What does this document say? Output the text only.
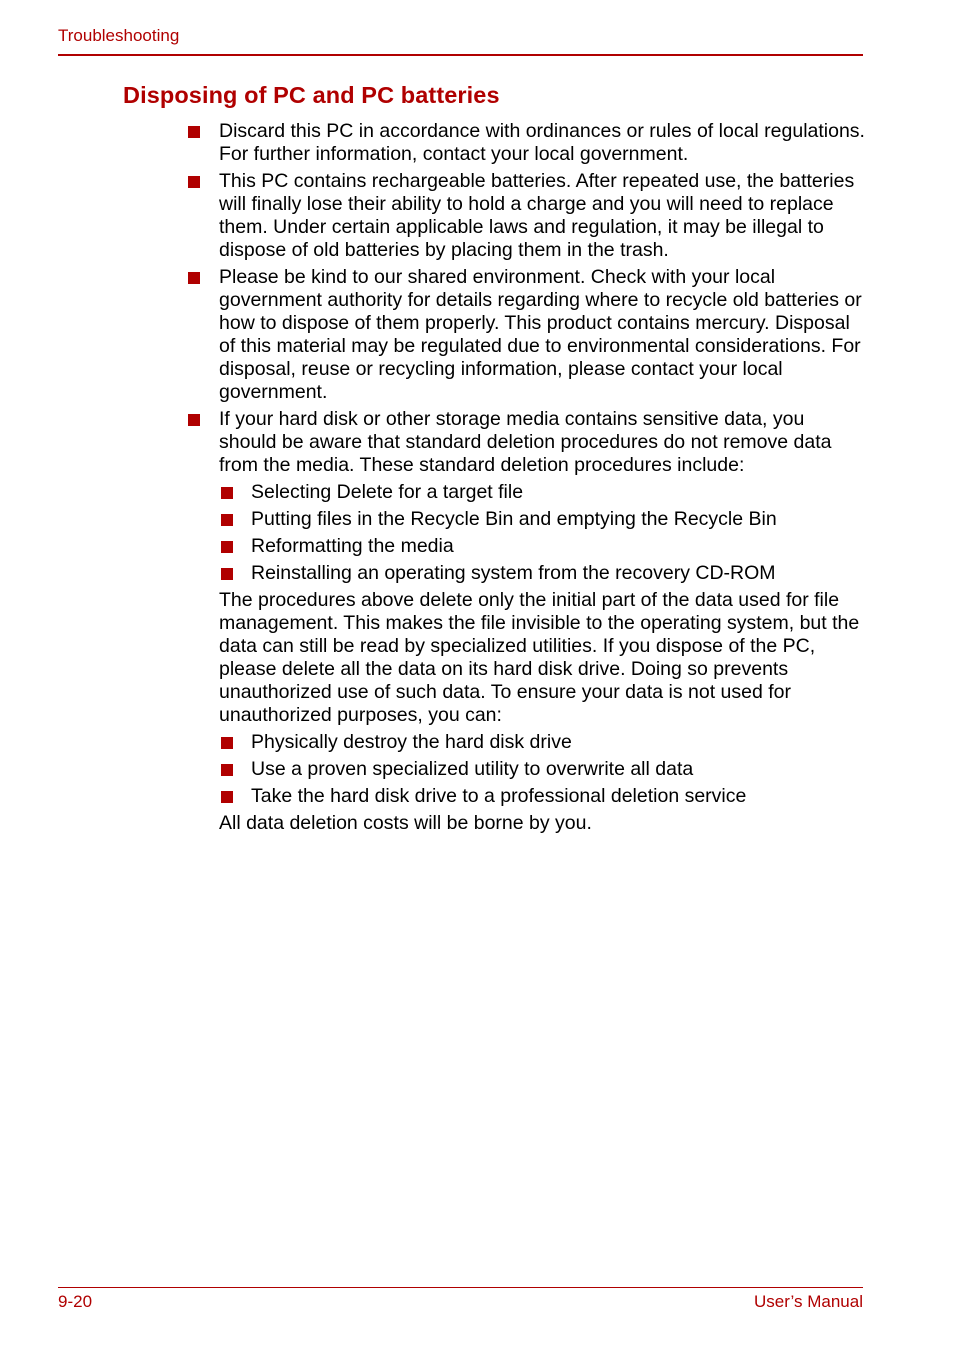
Troubleshooting
Disposing of PC and PC batteries
Discard this PC in accordance with ordinances or rules of local regulations. For further information, contact your local government.
This PC contains rechargeable batteries. After repeated use, the batteries will finally lose their ability to hold a charge and you will need to replace them. Under certain applicable laws and regulation, it may be illegal to dispose of old batteries by placing them in the trash.
Please be kind to our shared environment. Check with your local government authority for details regarding where to recycle old batteries or how to dispose of them properly. This product contains mercury. Disposal of this material may be regulated due to environmental considerations. For disposal, reuse or recycling information, please contact your local government.
If your hard disk or other storage media contains sensitive data, you should be aware that standard deletion procedures do not remove data from the media. These standard deletion procedures include:
Selecting Delete for a target file
Putting files in the Recycle Bin and emptying the Recycle Bin
Reformatting the media
Reinstalling an operating system from the recovery CD-ROM

The procedures above delete only the initial part of the data used for file management. This makes the file invisible to the operating system, but the data can still be read by specialized utilities. If you dispose of the PC, please delete all the data on its hard disk drive. Doing so prevents unauthorized use of such data. To ensure your data is not used for unauthorized purposes, you can:

Physically destroy the hard disk drive
Use a proven specialized utility to overwrite all data
Take the hard disk drive to a professional deletion service

All data deletion costs will be borne by you.

9-20	User’s Manual
